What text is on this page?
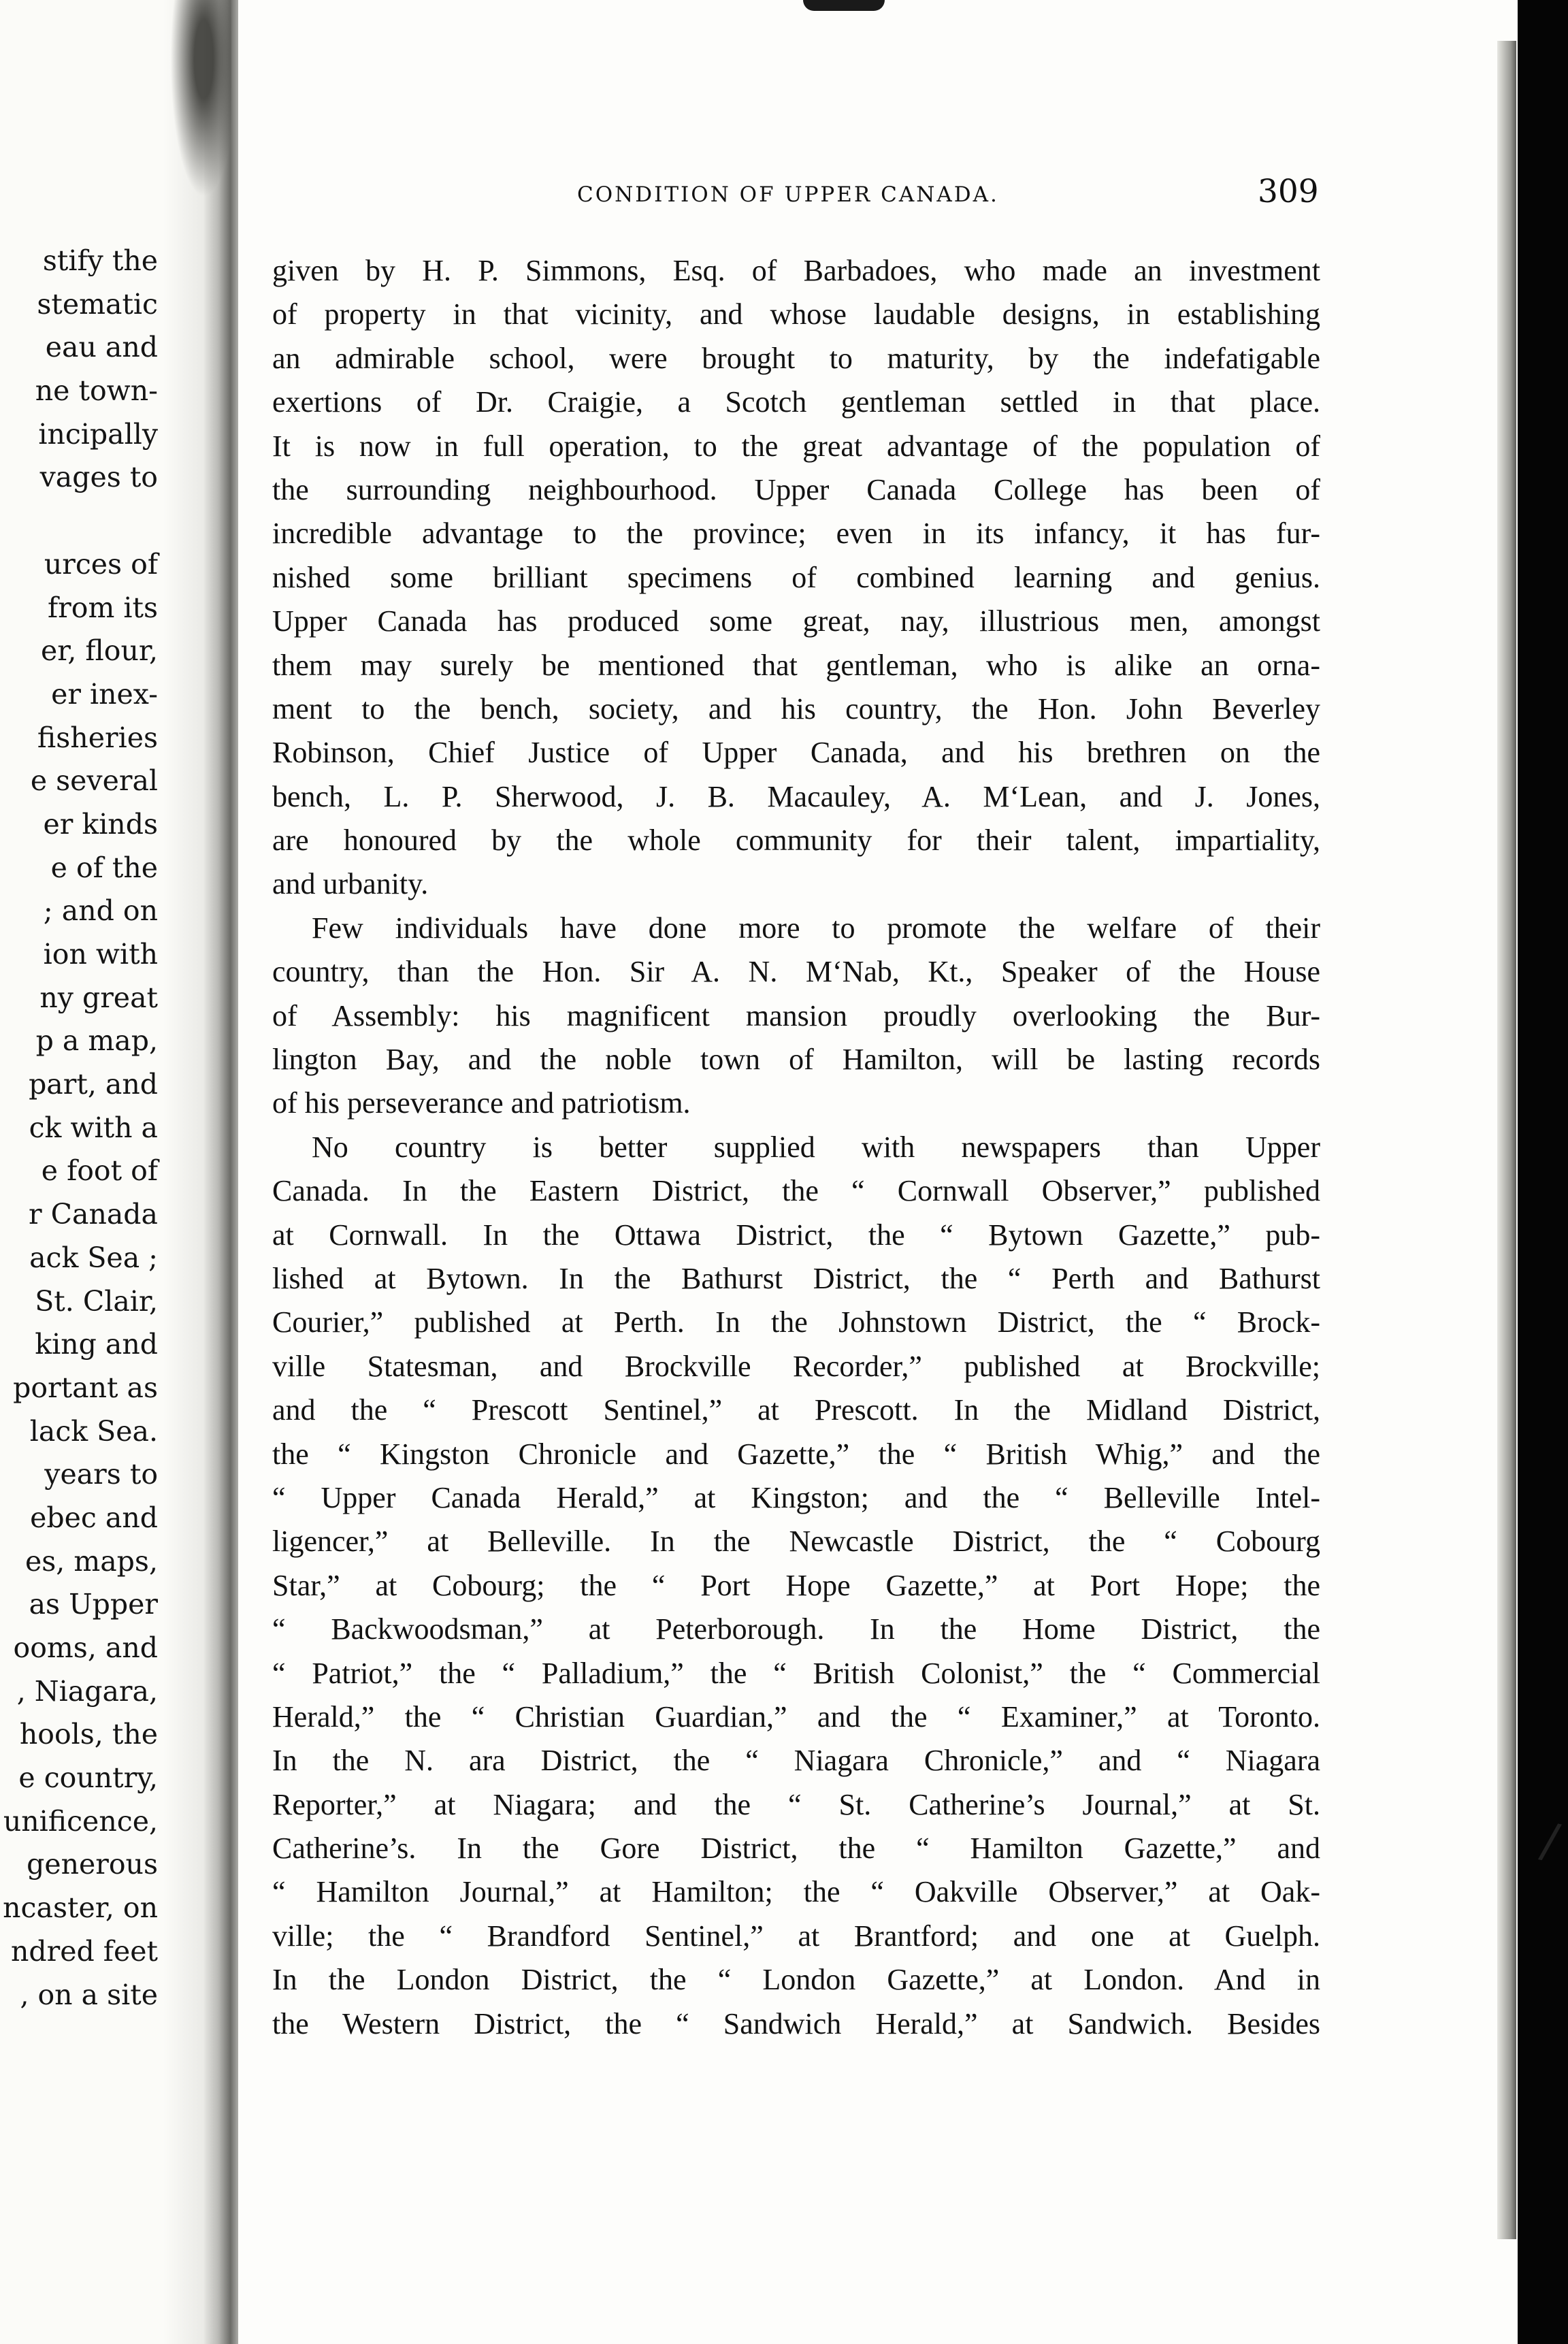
stify the
stematic
eau and
ne town-
incipally
vages to
urces of
from its
er, flour,
er inex-
fisheries
e several
er kinds
e of the
; and on
ion with
ny great
p a map,
part, and
ck with a
e foot of
r Canada
ack Sea ;
St. Clair,
king and
portant as
lack Sea.
years to
ebec and
es, maps,
as Upper
ooms, and
, Niagara,
hools, the
e country,
unificence,
generous
ncaster, on
ndred feet
, on a site
CONDITION OF UPPER CANADA.	309
given by H. P. Simmons, Esq. of Barbadoes, who made an investment
of property in that vicinity, and whose laudable designs, in establishing
an admirable school, were brought to maturity, by the indefatigable
exertions of Dr. Craigie, a Scotch gentleman settled in that place.
It is now in full operation, to the great advantage of the population of
the surrounding neighbourhood. Upper Canada College has been of
incredible advantage to the province; even in its infancy, it has fur-
nished some brilliant specimens of combined learning and genius.
Upper Canada has produced some great, nay, illustrious men, amongst
them may surely be mentioned that gentleman, who is alike an orna-
ment to the bench, society, and his country, the Hon. John Beverley
Robinson, Chief Justice of Upper Canada, and his brethren on the
bench, L. P. Sherwood, J. B. Macauley, A. M‘Lean, and J. Jones,
are honoured by the whole community for their talent, impartiality,
and urbanity.
Few individuals have done more to promote the welfare of their
country, than the Hon. Sir A. N. M‘Nab, Kt., Speaker of the House
of Assembly: his magnificent mansion proudly overlooking the Bur-
lington Bay, and the noble town of Hamilton, will be lasting records
of his perseverance and patriotism.
No country is better supplied with newspapers than Upper
Canada. In the Eastern District, the “ Cornwall Observer,” published
at Cornwall. In the Ottawa District, the “ Bytown Gazette,” pub-
lished at Bytown. In the Bathurst District, the “ Perth and Bathurst
Courier,” published at Perth. In the Johnstown District, the “ Brock-
ville Statesman, and Brockville Recorder,” published at Brockville;
and the “ Prescott Sentinel,” at Prescott. In the Midland District,
the “ Kingston Chronicle and Gazette,” the “ British Whig,” and the
“ Upper Canada Herald,” at Kingston; and the “ Belleville Intel-
ligencer,” at Belleville. In the Newcastle District, the “ Cobourg
Star,” at Cobourg; the “ Port Hope Gazette,” at Port Hope; the
“ Backwoodsman,” at Peterborough. In the Home District, the
“ Patriot,” the “ Palladium,” the “ British Colonist,” the “ Commercial
Herald,” the “ Christian Guardian,” and the “ Examiner,” at Toronto.
In the N. ara District, the “ Niagara Chronicle,” and “ Niagara
Reporter,” at Niagara; and the “ St. Catherine’s Journal,” at St.
Catherine’s. In the Gore District, the “ Hamilton Gazette,” and
“ Hamilton Journal,” at Hamilton; the “ Oakville Observer,” at Oak-
ville; the “ Brandford Sentinel,” at Brantford; and one at Guelph.
In the London District, the “ London Gazette,” at London. And in
the Western District, the “ Sandwich Herald,” at Sandwich. Besides
/
